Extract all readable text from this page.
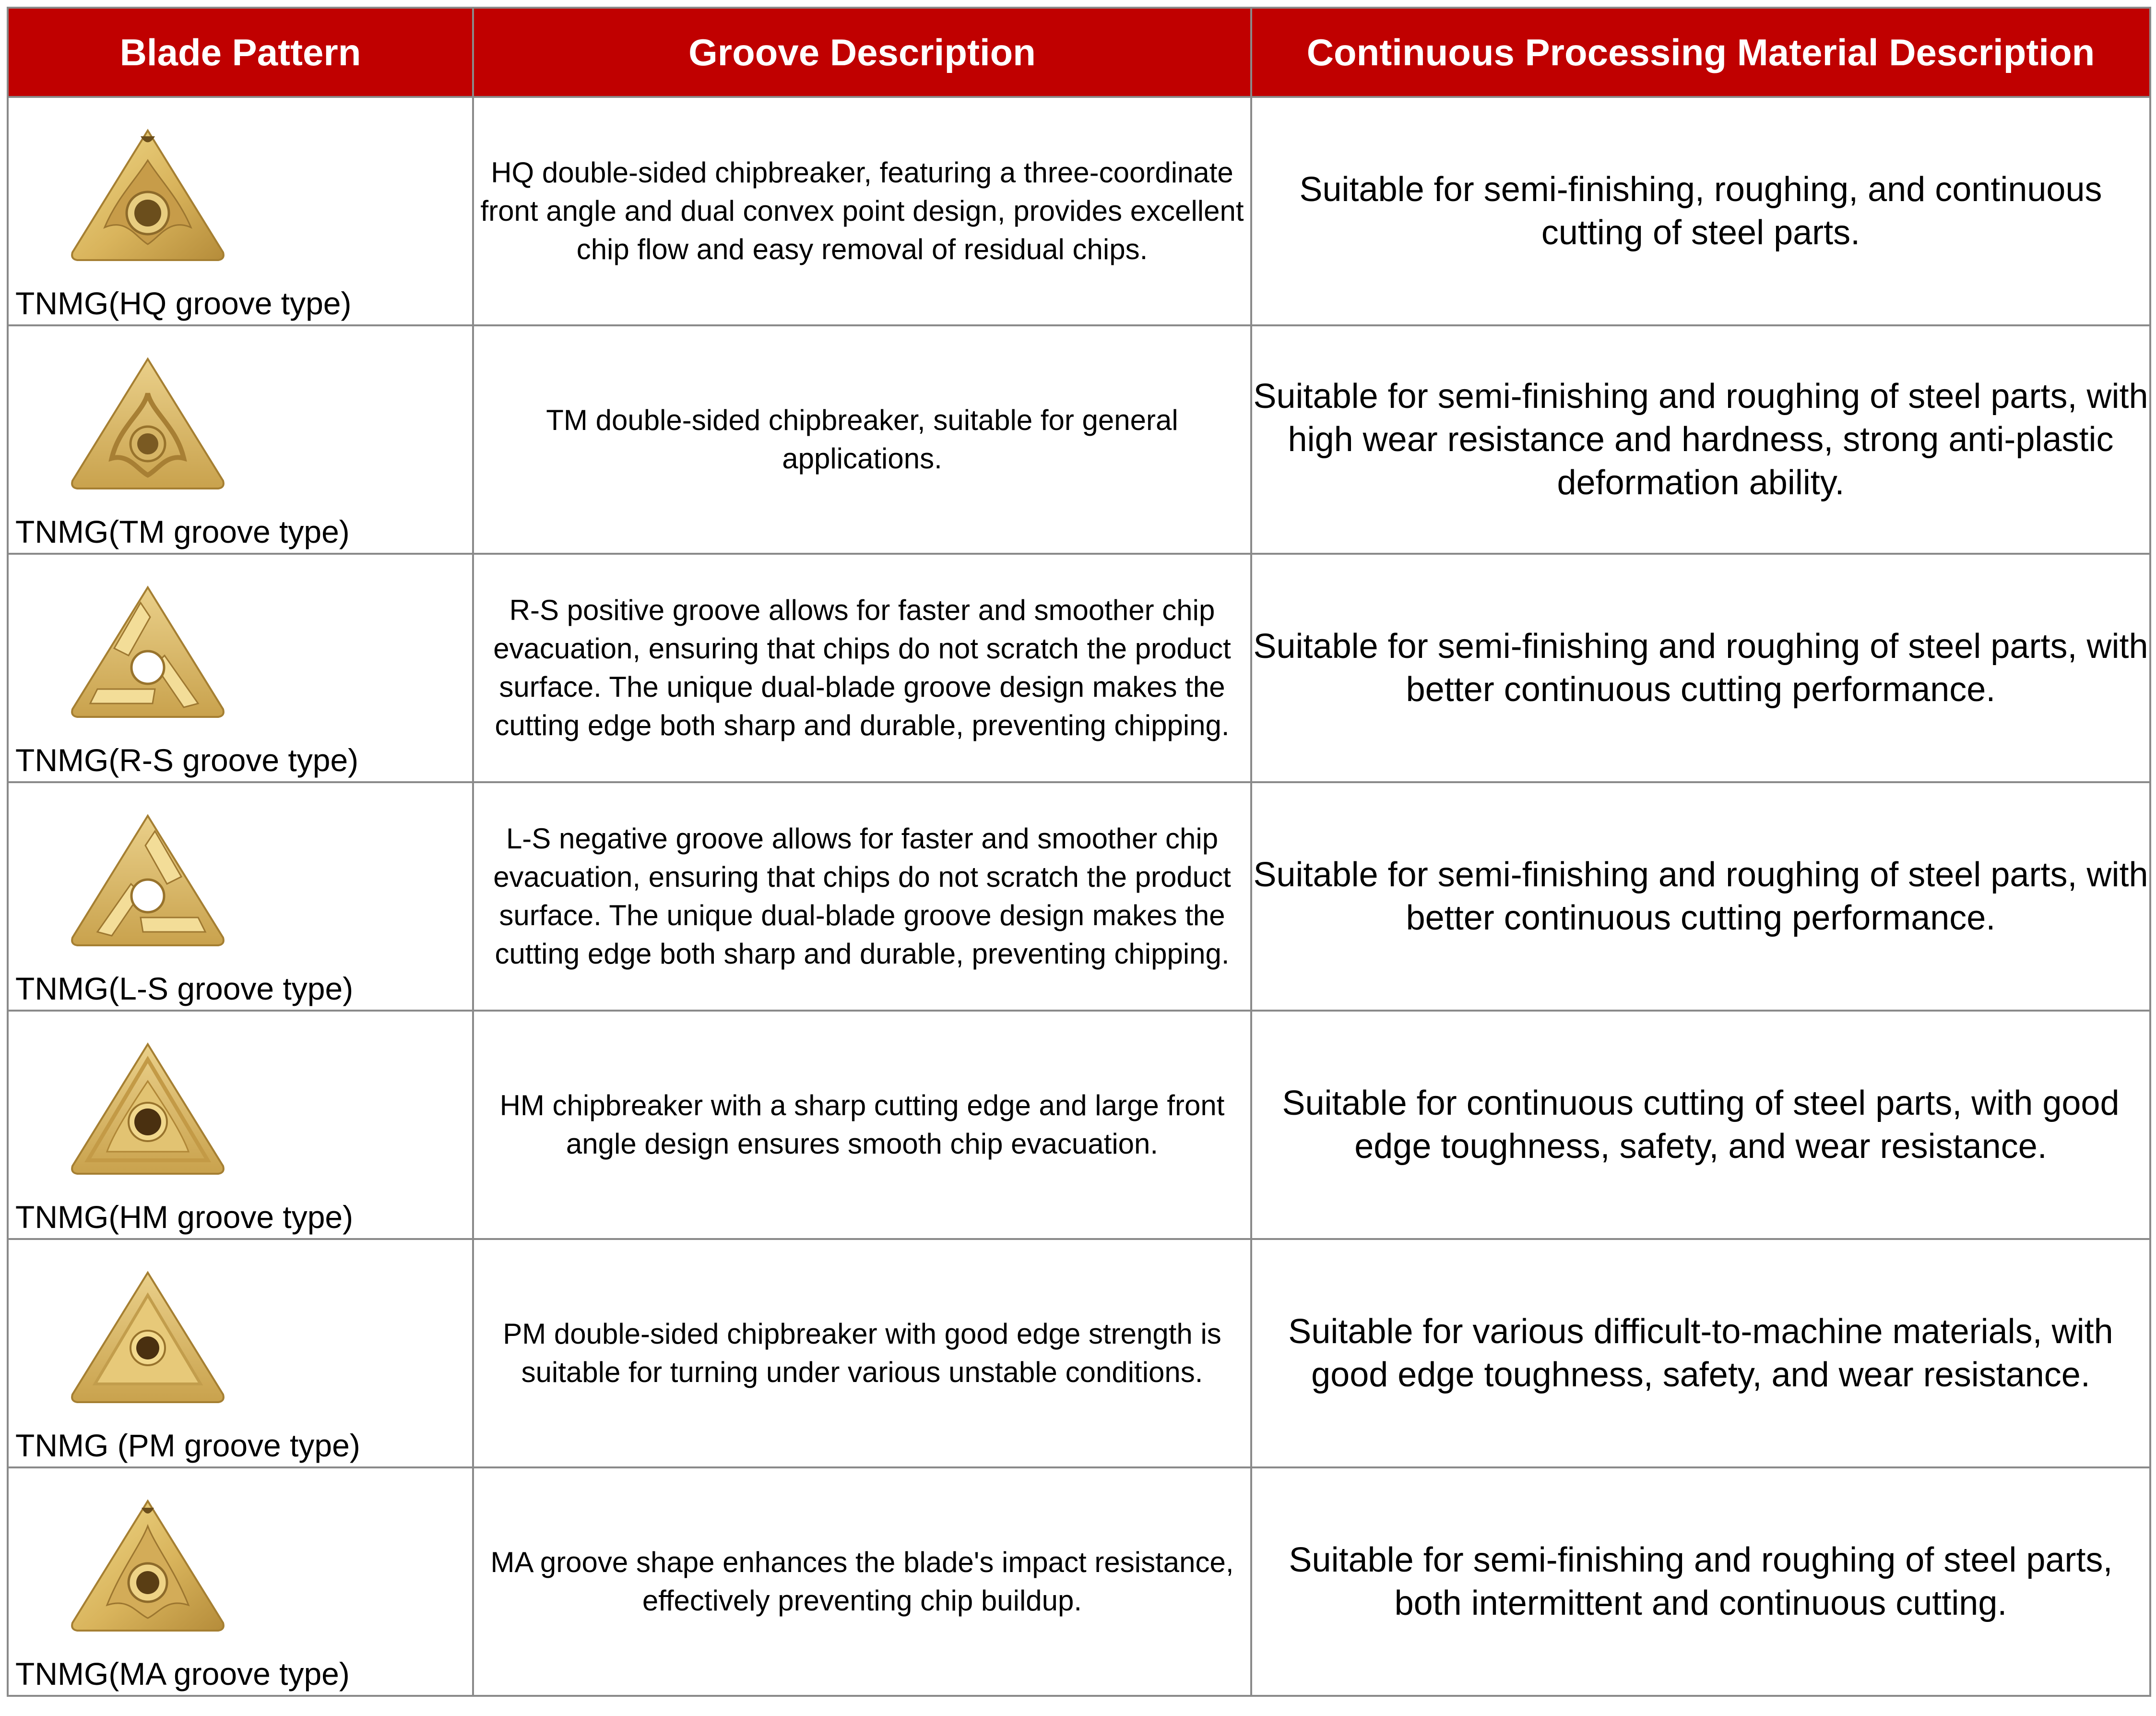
Blade Pattern	Groove Description	Continuous Processing Material Description

TNMG(HQ groove type)	HQ double-sided chipbreaker, featuring a three-coordinate front angle and dual convex point design, provides excellent chip flow and easy removal of residual chips.	Suitable for semi-finishing, roughing, and continuous cutting of steel parts.

TNMG(TM groove type)	TM double-sided chipbreaker, suitable for general applications.	Suitable for semi-finishing and roughing of steel parts, with high wear resistance and hardness, strong anti-plastic deformation ability.

TNMG(R-S groove type)	R-S positive groove allows for faster and smoother chip evacuation, ensuring that chips do not scratch the product surface. The unique dual-blade groove design makes the cutting edge both sharp and durable, preventing chipping.	Suitable for semi-finishing and roughing of steel parts, with better continuous cutting performance.

TNMG(L-S groove type)	L-S negative groove allows for faster and smoother chip evacuation, ensuring that chips do not scratch the product surface. The unique dual-blade groove design makes the cutting edge both sharp and durable, preventing chipping.	Suitable for semi-finishing and roughing of steel parts, with better continuous cutting performance.

TNMG(HM groove type)	HM chipbreaker with a sharp cutting edge and large front angle design ensures smooth chip evacuation.	Suitable for continuous cutting of steel parts, with good edge toughness, safety, and wear resistance.

TNMG (PM groove type)	PM double-sided chipbreaker with good edge strength is suitable for turning under various unstable conditions.	Suitable for various difficult-to-machine materials, with good edge toughness, safety, and wear resistance.

TNMG(MA groove type)	MA groove shape enhances the blade's impact resistance, effectively preventing chip buildup.	Suitable for semi-finishing and roughing of steel parts, both intermittent and continuous cutting.
